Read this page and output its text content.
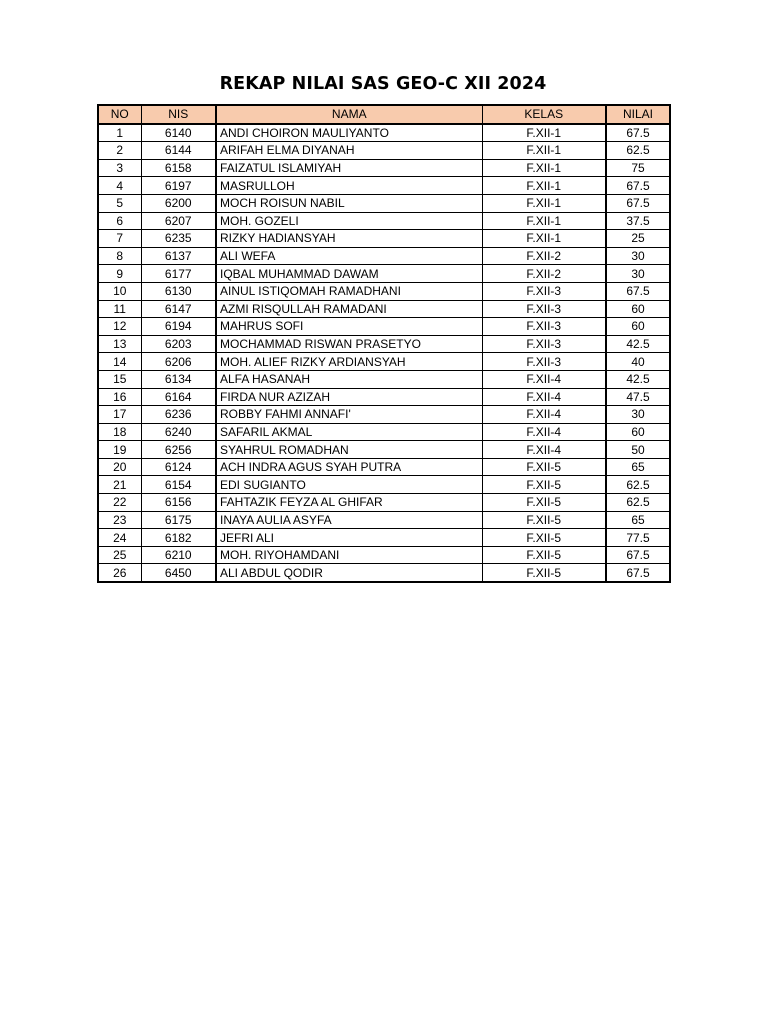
REKAP NILAI SAS GEO-C XII 2024
NO	NIS	NAMA	KELAS	NILAI
1	6140	ANDI CHOIRON MAULIYANTO	F.XII-1	67.5
2	6144	ARIFAH ELMA DIYANAH	F.XII-1	62.5
3	6158	FAIZATUL ISLAMIYAH	F.XII-1	75
4	6197	MASRULLOH	F.XII-1	67.5
5	6200	MOCH ROISUN NABIL	F.XII-1	67.5
6	6207	MOH. GOZELI	F.XII-1	37.5
7	6235	RIZKY HADIANSYAH	F.XII-1	25
8	6137	ALI WEFA	F.XII-2	30
9	6177	IQBAL MUHAMMAD DAWAM	F.XII-2	30
10	6130	AINUL ISTIQOMAH RAMADHANI	F.XII-3	67.5
11	6147	AZMI RISQULLAH RAMADANI	F.XII-3	60
12	6194	MAHRUS SOFI	F.XII-3	60
13	6203	MOCHAMMAD RISWAN PRASETYO	F.XII-3	42.5
14	6206	MOH. ALIEF RIZKY ARDIANSYAH	F.XII-3	40
15	6134	ALFA HASANAH	F.XII-4	42.5
16	6164	FIRDA NUR AZIZAH	F.XII-4	47.5
17	6236	ROBBY FAHMI ANNAFI'	F.XII-4	30
18	6240	SAFARIL AKMAL	F.XII-4	60
19	6256	SYAHRUL ROMADHAN	F.XII-4	50
20	6124	ACH INDRA AGUS SYAH PUTRA	F.XII-5	65
21	6154	EDI SUGIANTO	F.XII-5	62.5
22	6156	FAHTAZIK FEYZA AL GHIFAR	F.XII-5	62.5
23	6175	INAYA AULIA ASYFA	F.XII-5	65
24	6182	JEFRI ALI	F.XII-5	77.5
25	6210	MOH. RIYOHAMDANI	F.XII-5	67.5
26	6450	ALI ABDUL QODIR	F.XII-5	67.5
